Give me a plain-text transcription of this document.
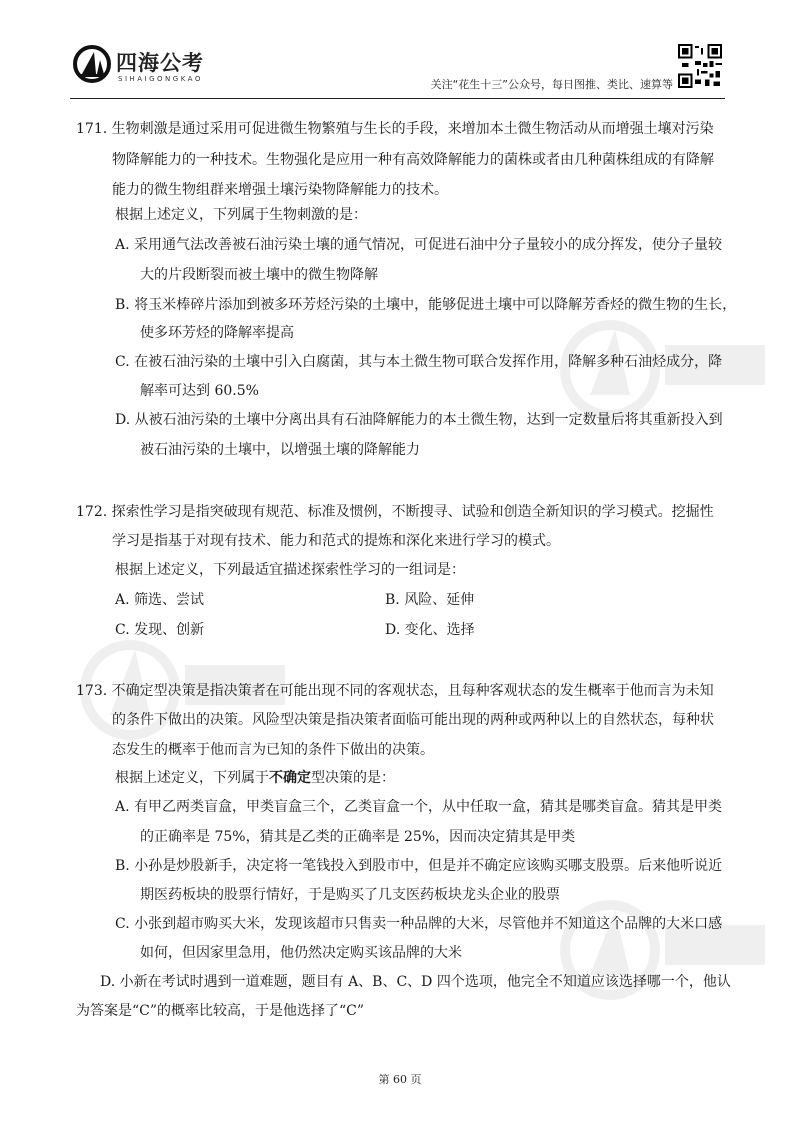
四海公考
SIHAIGONGKAO	关注“花生十三”公众号，每日图推、类比、速算等
171. 生物刺激是通过采用可促进微生物繁殖与生长的手段，来增加本土微生物活动从而增强土壤对污染
物降解能力的一种技术。生物强化是应用一种有高效降解能力的菌株或者由几种菌株组成的有降解
能力的微生物组群来增强土壤污染物降解能力的技术。
根据上述定义，下列属于生物刺激的是：
A. 采用通气法改善被石油污染土壤的通气情况，可促进石油中分子量较小的成分挥发，使分子量较
大的片段断裂而被土壤中的微生物降解
B. 将玉米棒碎片添加到被多环芳烃污染的土壤中，能够促进土壤中可以降解芳香烃的微生物的生长，
使多环芳烃的降解率提高
C. 在被石油污染的土壤中引入白腐菌，其与本土微生物可联合发挥作用，降解多种石油烃成分，降
解率可达到 60.5%
D. 从被石油污染的土壤中分离出具有石油降解能力的本土微生物，达到一定数量后将其重新投入到
被石油污染的土壤中，以增强土壤的降解能力
172. 探索性学习是指突破现有规范、标准及惯例，不断搜寻、试验和创造全新知识的学习模式。挖掘性
学习是指基于对现有技术、能力和范式的提炼和深化来进行学习的模式。
根据上述定义，下列最适宜描述探索性学习的一组词是：
A. 筛选、尝试	B. 风险、延伸
C. 发现、创新	D. 变化、选择
173. 不确定型决策是指决策者在可能出现不同的客观状态，且每种客观状态的发生概率于他而言为未知
的条件下做出的决策。风险型决策是指决策者面临可能出现的两种或两种以上的自然状态，每种状
态发生的概率于他而言为已知的条件下做出的决策。
根据上述定义，下列属于不确定型决策的是：
A. 有甲乙两类盲盒，甲类盲盒三个，乙类盲盒一个，从中任取一盒，猜其是哪类盲盒。猜其是甲类
的正确率是 75%，猜其是乙类的正确率是 25%，因而决定猜其是甲类
B. 小孙是炒股新手，决定将一笔钱投入到股市中，但是并不确定应该购买哪支股票。后来他听说近
期医药板块的股票行情好，于是购买了几支医药板块龙头企业的股票
C. 小张到超市购买大米，发现该超市只售卖一种品牌的大米，尽管他并不知道这个品牌的大米口感
如何，但因家里急用，他仍然决定购买该品牌的大米
D. 小新在考试时遇到一道难题，题目有 A、B、C、D 四个选项，他完全不知道应该选择哪一个，他认
为答案是“C”的概率比较高，于是他选择了“C”
第 60 页
